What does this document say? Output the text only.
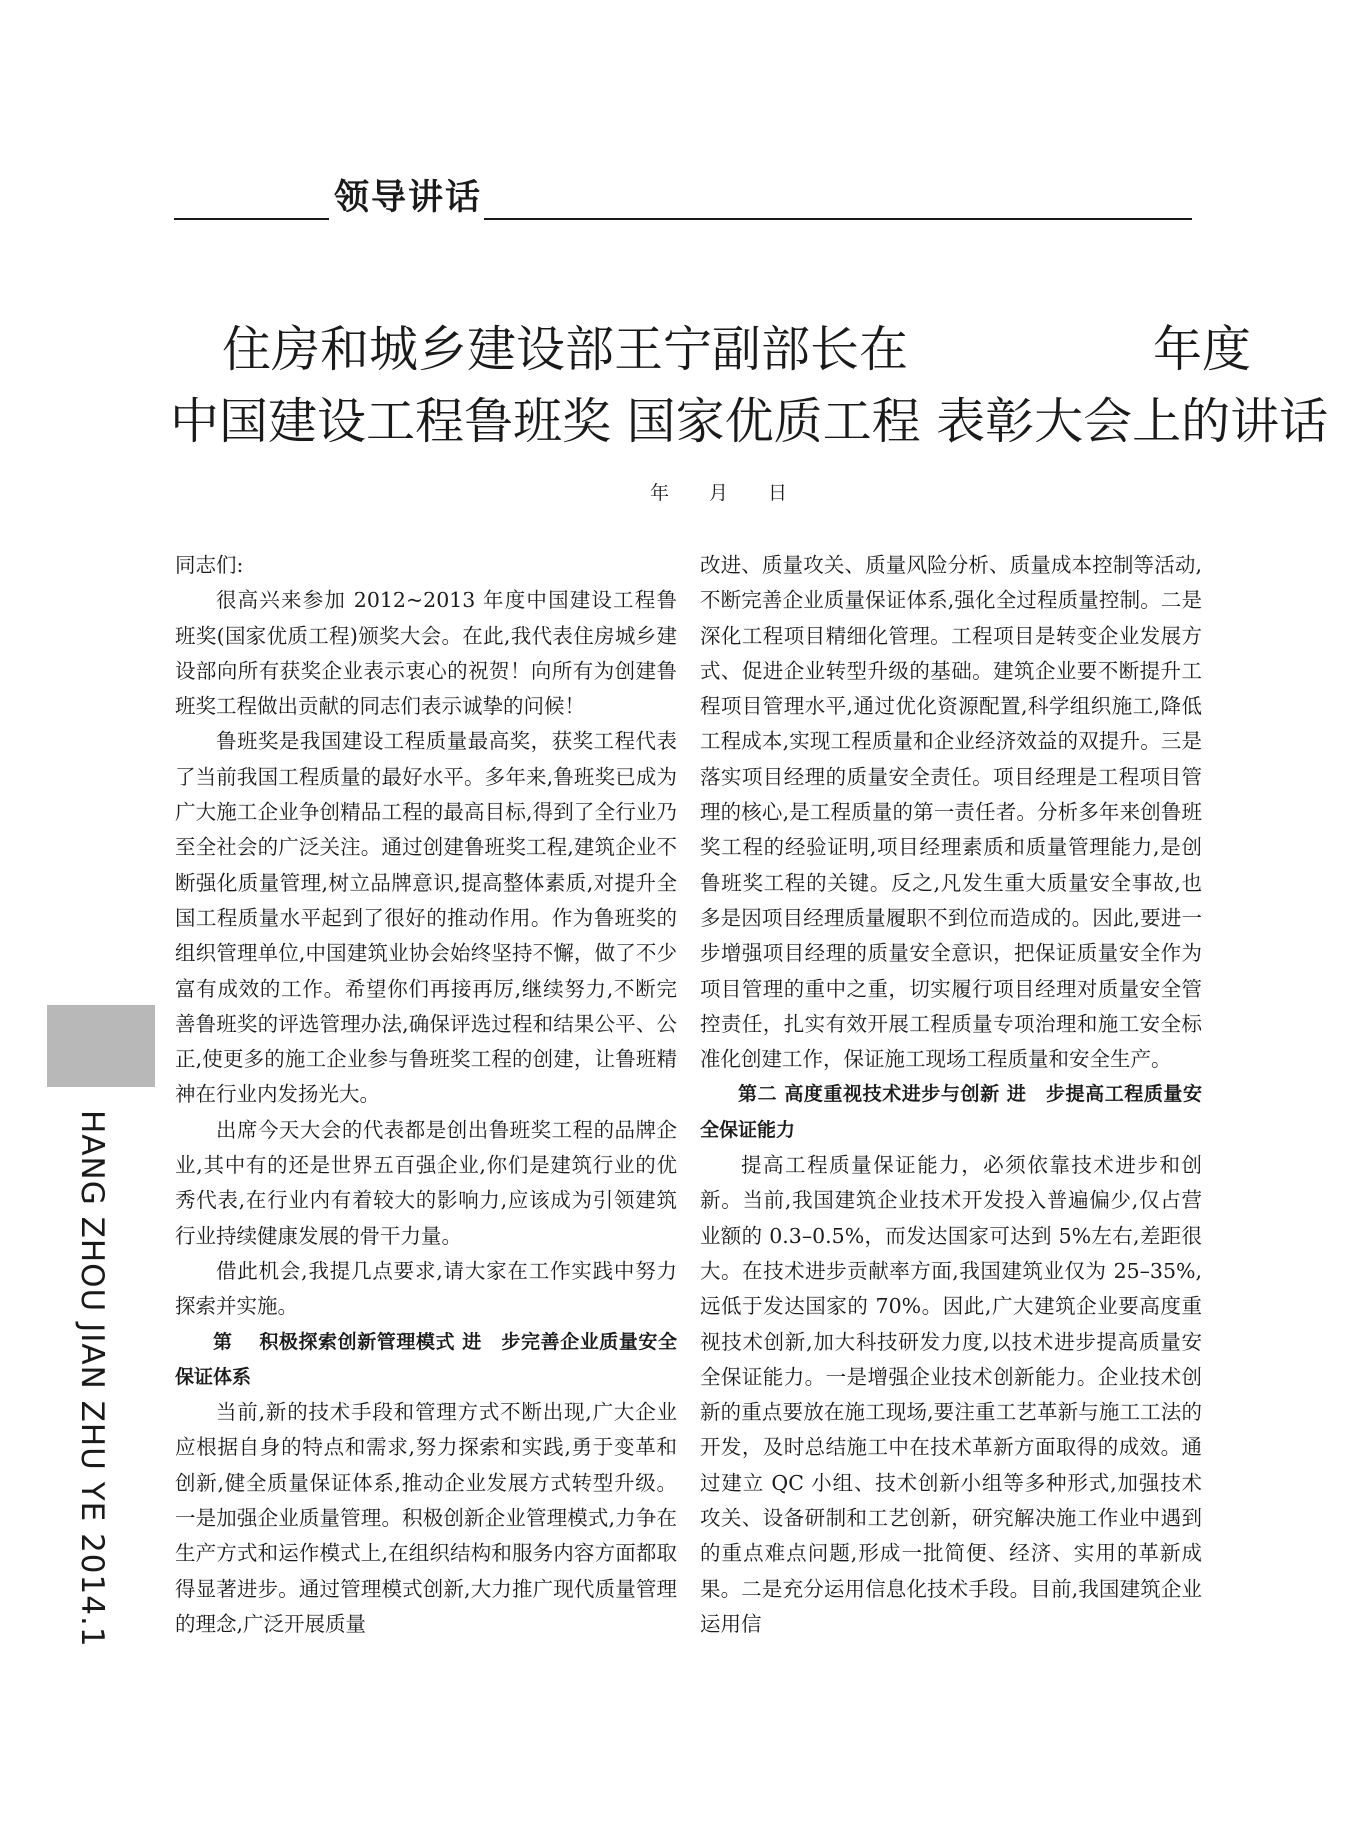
领导讲话
住房和城乡建设部王宁副部长在　　　　　年度
中国建设工程鲁班奖 国家优质工程 表彰大会上的讲话
年 月 日

同志们:

很高兴来参加 2012~2013 年度中国建设工程鲁班奖(国家优质工程)颁奖大会。在此,我代表住房城乡建设部向所有获奖企业表示衷心的祝贺！向所有为创建鲁班奖工程做出贡献的同志们表示诚挚的问候！

鲁班奖是我国建设工程质量最高奖，获奖工程代表了当前我国工程质量的最好水平。多年来,鲁班奖已成为广大施工企业争创精品工程的最高目标,得到了全行业乃至全社会的广泛关注。通过创建鲁班奖工程,建筑企业不断强化质量管理,树立品牌意识,提高整体素质,对提升全国工程质量水平起到了很好的推动作用。作为鲁班奖的组织管理单位,中国建筑业协会始终坚持不懈，做了不少富有成效的工作。希望你们再接再厉,继续努力,不断完善鲁班奖的评选管理办法,确保评选过程和结果公平、公正,使更多的施工企业参与鲁班奖工程的创建，让鲁班精神在行业内发扬光大。

出席今天大会的代表都是创出鲁班奖工程的品牌企业,其中有的还是世界五百强企业,你们是建筑行业的优秀代表,在行业内有着较大的影响力,应该成为引领建筑行业持续健康发展的骨干力量。

借此机会,我提几点要求,请大家在工作实践中努力探索并实施。

第　 积极探索创新管理模式 进　步完善企业质量安全保证体系

当前,新的技术手段和管理方式不断出现,广大企业应根据自身的特点和需求,努力探索和实践,勇于变革和创新,健全质量保证体系,推动企业发展方式转型升级。一是加强企业质量管理。积极创新企业管理模式,力争在生产方式和运作模式上,在组织结构和服务内容方面都取得显著进步。通过管理模式创新,大力推广现代质量管理的理念,广泛开展质量

改进、质量攻关、质量风险分析、质量成本控制等活动,不断完善企业质量保证体系,强化全过程质量控制。二是深化工程项目精细化管理。工程项目是转变企业发展方式、促进企业转型升级的基础。建筑企业要不断提升工程项目管理水平,通过优化资源配置,科学组织施工,降低工程成本,实现工程质量和企业经济效益的双提升。三是落实项目经理的质量安全责任。项目经理是工程项目管理的核心,是工程质量的第一责任者。分析多年来创鲁班奖工程的经验证明,项目经理素质和质量管理能力,是创鲁班奖工程的关键。反之,凡发生重大质量安全事故,也多是因项目经理质量履职不到位而造成的。因此,要进一步增强项目经理的质量安全意识，把保证质量安全作为项目管理的重中之重，切实履行项目经理对质量安全管控责任，扎实有效开展工程质量专项治理和施工安全标准化创建工作，保证施工现场工程质量和安全生产。

第二 高度重视技术进步与创新 进　步提高工程质量安全保证能力

提高工程质量保证能力，必须依靠技术进步和创新。当前,我国建筑企业技术开发投入普遍偏少,仅占营业额的 0.3–0.5%，而发达国家可达到 5%左右,差距很大。在技术进步贡献率方面,我国建筑业仅为 25–35%,远低于发达国家的 70%。因此,广大建筑企业要高度重视技术创新,加大科技研发力度,以技术进步提高质量安全保证能力。一是增强企业技术创新能力。企业技术创新的重点要放在施工现场,要注重工艺革新与施工工法的开发，及时总结施工中在技术革新方面取得的成效。通过建立 QC 小组、技术创新小组等多种形式,加强技术攻关、设备研制和工艺创新，研究解决施工作业中遇到的重点难点问题,形成一批简便、经济、实用的革新成果。二是充分运用信息化技术手段。目前,我国建筑企业运用信

HANG ZHOU JIAN ZHU YE 2014.1
